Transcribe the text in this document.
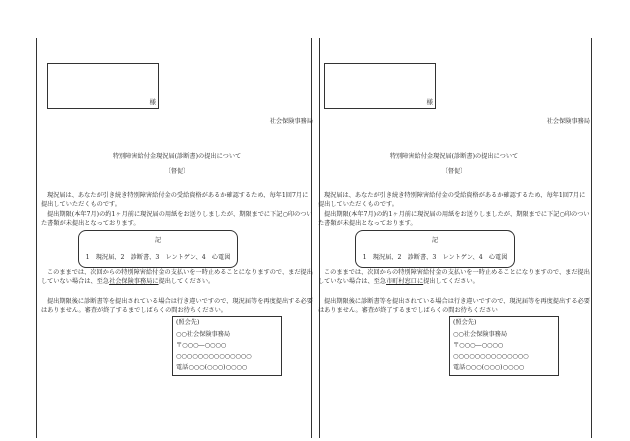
様
社会保険事務局
特別障害給付金現況届(診断書)の提出について
〔督促〕

現況届は、あなたが引き続き特別障害給付金の受給資格があるか確認するため、毎年1回7月に提出していただくものです。

提出期限(本年7月)の約1ヶ月前に現況届の用紙をお送りしましたが、期限までに下記○印のついた書類が未提出となっております。

記
1　現況届、2　診断書、3　レントゲン、4　心電図

このままでは、次回からの特別障害給付金の支払いを一時止めることになりますので、まだ提出していない場合は、至急社会保険事務局に提出してください。

提出期限後に診断書等を提出されている場合は行き違いですので、現況届等を再度提出する必要はありません。審査が終了するまでしばらくの間お待ちください。

(照会先)
○○社会保険事務局
〒○○○―○○○○
○○○○○○○○○○○○○○
電話○○○(○○○)○○○○
様
社会保険事務局
特別障害給付金現況届(診断書)の提出について
〔督促〕

現況届は、あなたが引き続き特別障害給付金の受給資格があるか確認するため、毎年1回7月に提出していただくものです。

提出期限(本年7月)の約1ヶ月前に現況届の用紙をお送りしましたが、期限までに下記○印のついた書類が未提出となっております。

記
1　現況届、2　診断書、3　レントゲン、4　心電図

このままでは、次回からの特別障害給付金の支払いを一時止めることになりますので、まだ提出していない場合は、至急市町村窓口に提出してください。

提出期限後に診断書等を提出されている場合は行き違いですので、現況届等を再度提出する必要はありません。審査が終了するまでしばらくの間お待ちください

(照会先)
○○社会保険事務局
〒○○○―○○○○
○○○○○○○○○○○○○○
電話○○○(○○○)○○○○
